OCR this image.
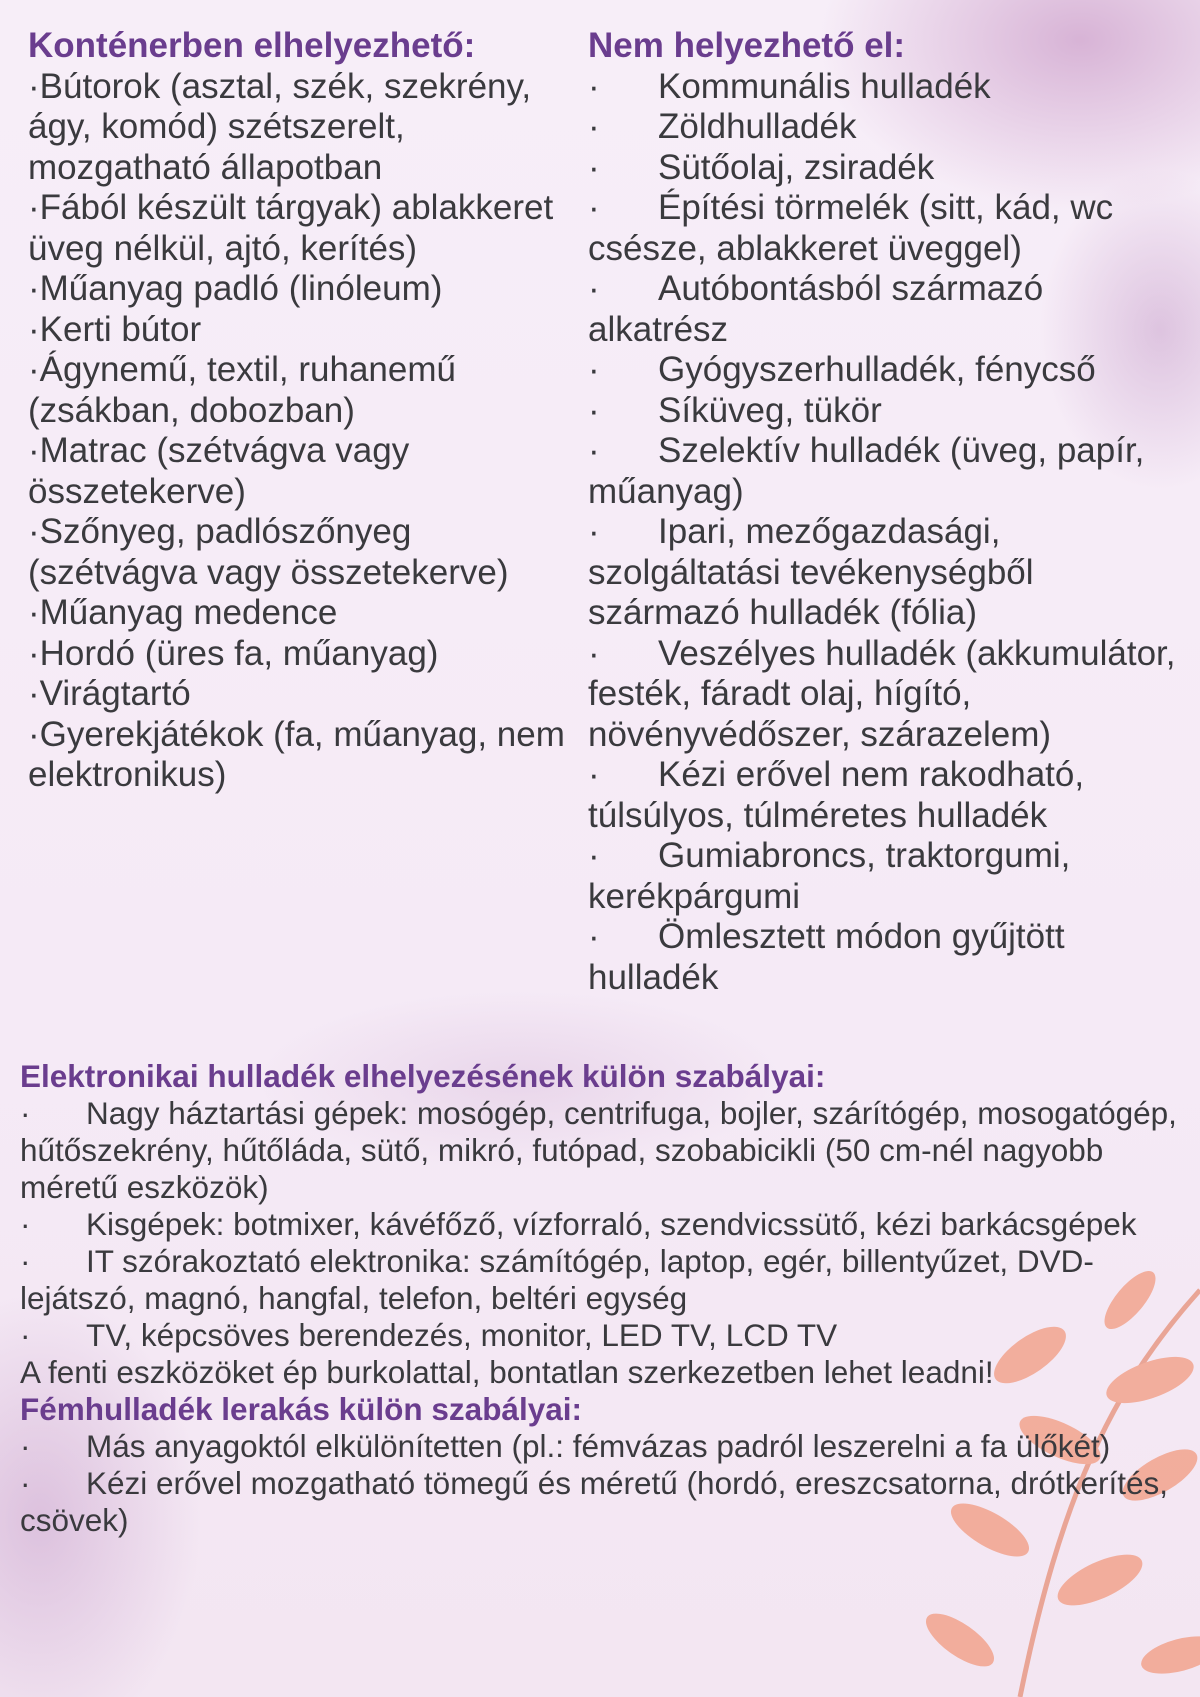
Konténerben elhelyezhető:

·Bútorok (asztal, szék, szekrény, ágy, komód) szétszerelt, mozgatható állapotban

·Fából készült tárgyak) ablakkeret üveg nélkül, ajtó, kerítés)

·Műanyag padló (linóleum)

·Kerti bútor

·Ágynemű, textil, ruhanemű (zsákban, dobozban)

·Matrac (szétvágva vagy összetekerve)

·Szőnyeg, padlószőnyeg (szétvágva vagy összetekerve)

·Műanyag medence

·Hordó (üres fa, műanyag)

·Virágtartó

·Gyerekjátékok (fa, műanyag, nem elektronikus)

Nem helyezhető el:

· Kommunális hulladék

· Zöldhulladék

· Sütőolaj, zsiradék

· Építési törmelék (sitt, kád, wc csésze, ablakkeret üveggel)

· Autóbontásból származó alkatrész

· Gyógyszerhulladék, fénycső

· Síküveg, tükör

· Szelektív hulladék (üveg, papír, műanyag)

· Ipari, mezőgazdasági, szolgáltatási tevékenységből származó hulladék (fólia)

· Veszélyes hulladék (akkumulátor, festék, fáradt olaj, hígító, növényvédőszer, szárazelem)

· Kézi erővel nem rakodható, túlsúlyos, túlméretes hulladék

· Gumiabroncs, traktorgumi, kerékpárgumi

· Ömlesztett módon gyűjtött hulladék

Elektronikai hulladék elhelyezésének külön szabályai:

· Nagy háztartási gépek: mosógép, centrifuga, bojler, szárítógép, mosogatógép, hűtőszekrény, hűtőláda, sütő, mikró, futópad, szobabicikli (50 cm-nél nagyobb méretű eszközök)

· Kisgépek: botmixer, kávéfőző, vízforraló, szendvicssütő, kézi barkácsgépek

· IT szórakoztató elektronika: számítógép, laptop, egér, billentyűzet, DVD-lejátszó, magnó, hangfal, telefon, beltéri egység

· TV, képcsöves berendezés, monitor, LED TV, LCD TV

A fenti eszközöket ép burkolattal, bontatlan szerkezetben lehet leadni!

Fémhulladék lerakás külön szabályai:

· Más anyagoktól elkülönítetten (pl.: fémvázas padról leszerelni a fa ülőkét)

· Kézi erővel mozgatható tömegű és méretű (hordó, ereszcsatorna, drótkerítés, csövek)
